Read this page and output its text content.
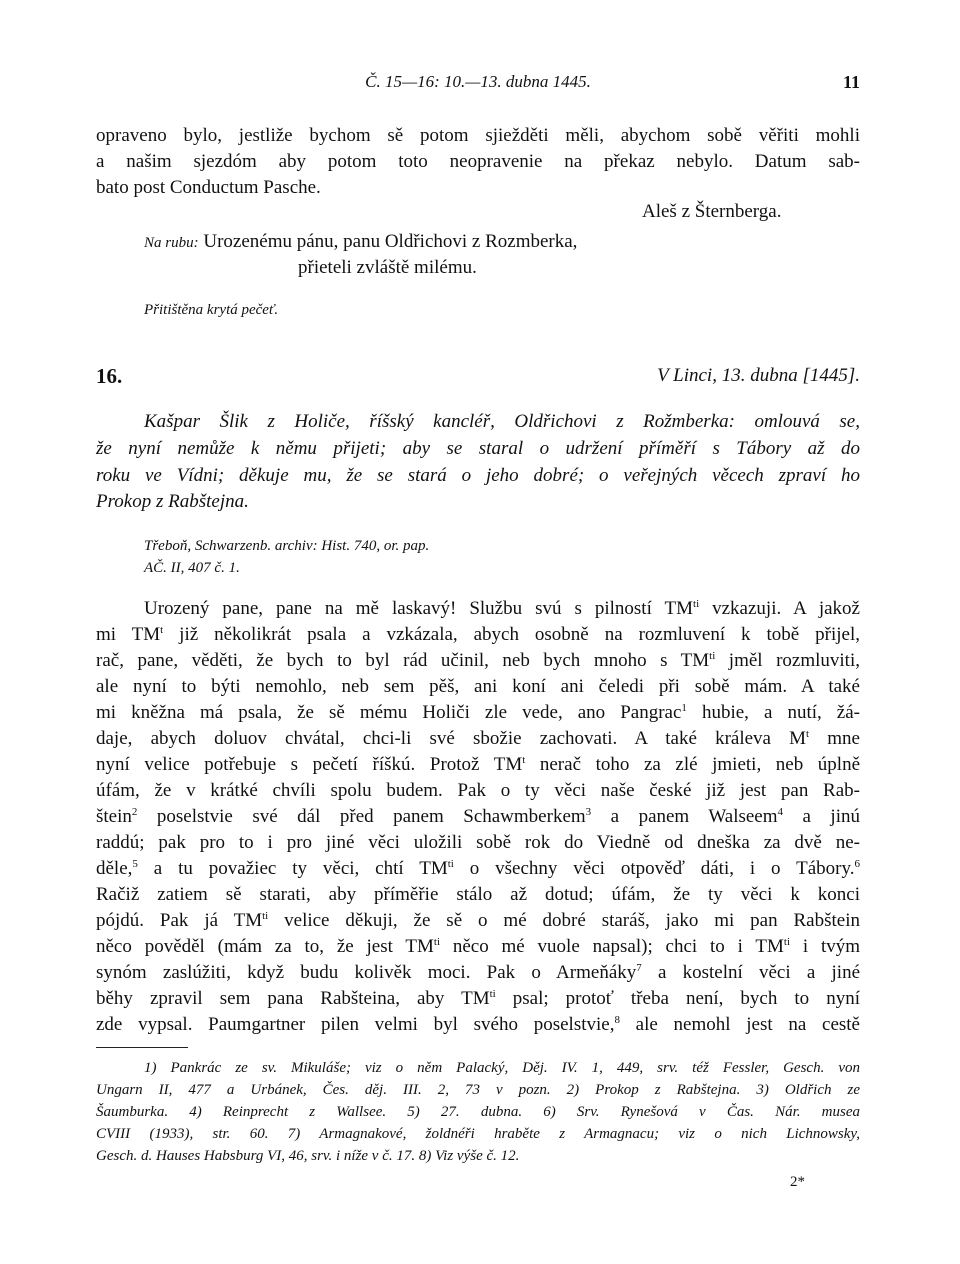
Č. 15—16: 10.—13. dubna 1445.	11
opraveno bylo, jestliže bychom sě potom sjiežděti měli, abychom sobě věřiti mohli
a našim sjezdóm aby potom toto neopravenie na překaz nebylo. Datum sab-
bato post Conductum Pasche.
Aleš z Šternberga.
Na rubu: Urozenému pánu, panu Oldřichovi z Rozmberka,
přieteli zvláště milému.
Přitištěna krytá pečeť.
16.	V Linci, 13. dubna [1445].
Kašpar Šlik z Holiče, říšský kancléř, Oldřichovi z Rožmberka: omlouvá se,
že nyní nemůže k němu přijeti; aby se staral o udržení příměří s Tábory až do
roku ve Vídni; děkuje mu, že se stará o jeho dobré; o veřejných věcech zpraví ho
Prokop z Rabštejna.
Třeboň, Schwarzenb. archiv: Hist. 740, or. pap.
AČ. II, 407 č. 1.
Urozený pane, pane na mě laskavý! Službu svú s pilností $TM^{ti}$ vzkazuji. A jakož
mi $TM^t$ již několikrát psala a vzkázala, abych osobně na rozmluvení k tobě přijel,
rač, pane, věděti, že bych to byl rád učinil, neb bych mnoho s $TM^{ti}$ jměl rozmluviti,
ale nyní to býti nemohlo, neb sem pěš, ani koní ani čeledi při sobě mám. A také
mi kněžna má psala, že sě mému Holiči zle vede, ano Pangrac$^1$ hubie, a nutí, žá-
daje, abych doluov chvátal, chci-li své sbožie zachovati. A také králeva $M^t$ mne
nyní velice potřebuje s pečetí říškú. Protož $TM^t$ nerač toho za zlé jmieti, neb úplně
úfám, že v krátké chvíli spolu budem. Pak o ty věci naše české již jest pan Rab-
štein$^2$ poselstvie své dál před panem Schawmberkem$^3$ a panem Walseem$^4$ a jinú
raddú; pak pro to i pro jiné věci uložili sobě rok do Viedně od dneška za dvě ne-
děle,$^5$ a tu považiec ty věci, chtí $TM^{ti}$ o všechny věci otpověď dáti, i o Tábory.$^6$
Račiž zatiem sě starati, aby příměřie stálo až dotud; úfám, že ty věci k konci
pójdú. Pak já $TM^{ti}$ velice děkuji, že sě o mé dobré staráš, jako mi pan Rabštein
něco pověděl (mám za to, že jest $TM^{ti}$ něco mé vuole napsal); chci to i $TM^{ti}$ i tvým
synóm zaslúžiti, když budu kolivěk moci. Pak o Armeňáky$^7$ a kostelní věci a jiné
běhy zpravil sem pana Rabšteina, aby $TM^{ti}$ psal; protoť třeba není, bych to nyní
zde vypsal. Paumgartner pilen velmi byl svého poselstvie,$^8$ ale nemohl jest na cestě
1) Pankrác ze sv. Mikuláše; viz o něm Palacký, Děj. IV. 1, 449, srv. též Fessler, Gesch. von
Ungarn II, 477 a Urbánek, Čes. děj. III. 2, 73 v pozn. 2) Prokop z Rabštejna. 3) Oldřich ze
Šaumburka. 4) Reinprecht z Wallsee. 5) 27. dubna. 6) Srv. Rynešová v Čas. Nár. musea
CVIII (1933), str. 60. 7) Armagnakové, žoldnéři hraběte z Armagnacu; viz o nich Lichnowsky,
Gesch. d. Hauses Habsburg VI, 46, srv. i níže v č. 17. 8) Viz výše č. 12.
2*
